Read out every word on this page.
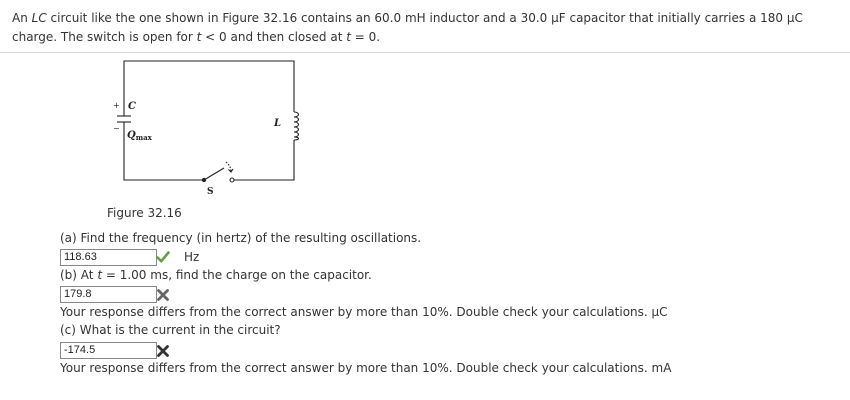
An LC circuit like the one shown in Figure 32.16 contains an 60.0 mH inductor and a 30.0 µF capacitor that initially carries a 180 µC charge. The switch is open for t < 0 and then closed at t = 0.
+
−
C
L
Qmax
S
Figure 32.16
(a) Find the frequency (in hertz) of the resulting oscillations.
118.63	Hz
(b) At t = 1.00 ms, find the charge on the capacitor.
179.8
Your response differs from the correct answer by more than 10%. Double check your calculations. µC
(c) What is the current in the circuit?
-174.5
Your response differs from the correct answer by more than 10%. Double check your calculations. mA
